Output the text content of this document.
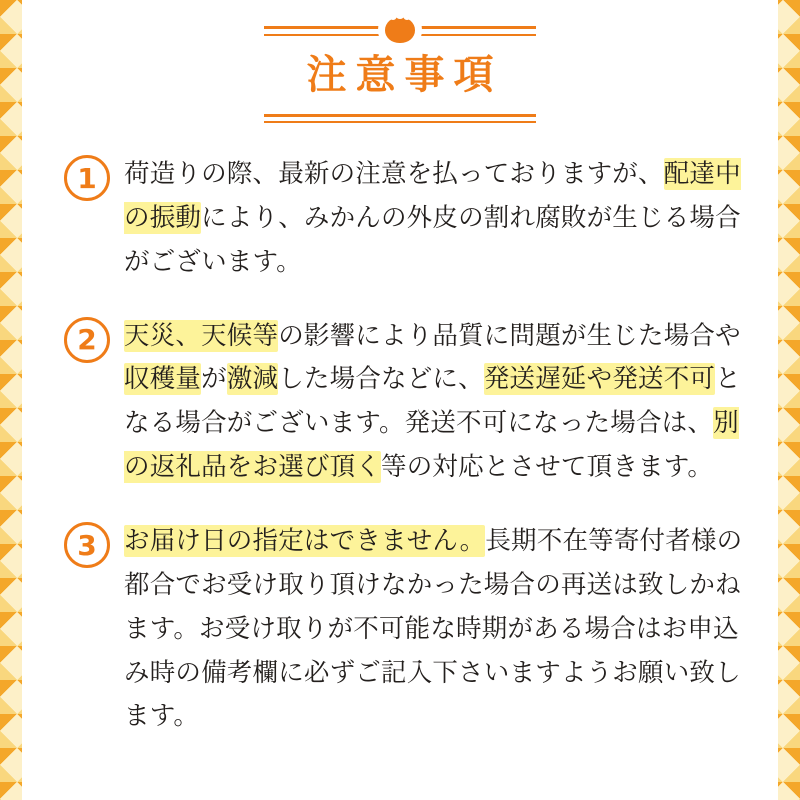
注意事項
1	荷造りの際、最新の注意を払っておりますが、配達中の振動により、みかんの外皮の割れ腐敗が生じる場合がございます。
2	天災、天候等の影響により品質に問題が生じた場合や収穫量が激減した場合などに、発送遅延や発送不可となる場合がございます。発送不可になった場合は、別の返礼品をお選び頂く等の対応とさせて頂きます。
3	お届け日の指定はできません。長期不在等寄付者様の都合でお受け取り頂けなかった場合の再送は致しかねます。お受け取りが不可能な時期がある場合はお申込み時の備考欄に必ずご記入下さいますようお願い致します。
